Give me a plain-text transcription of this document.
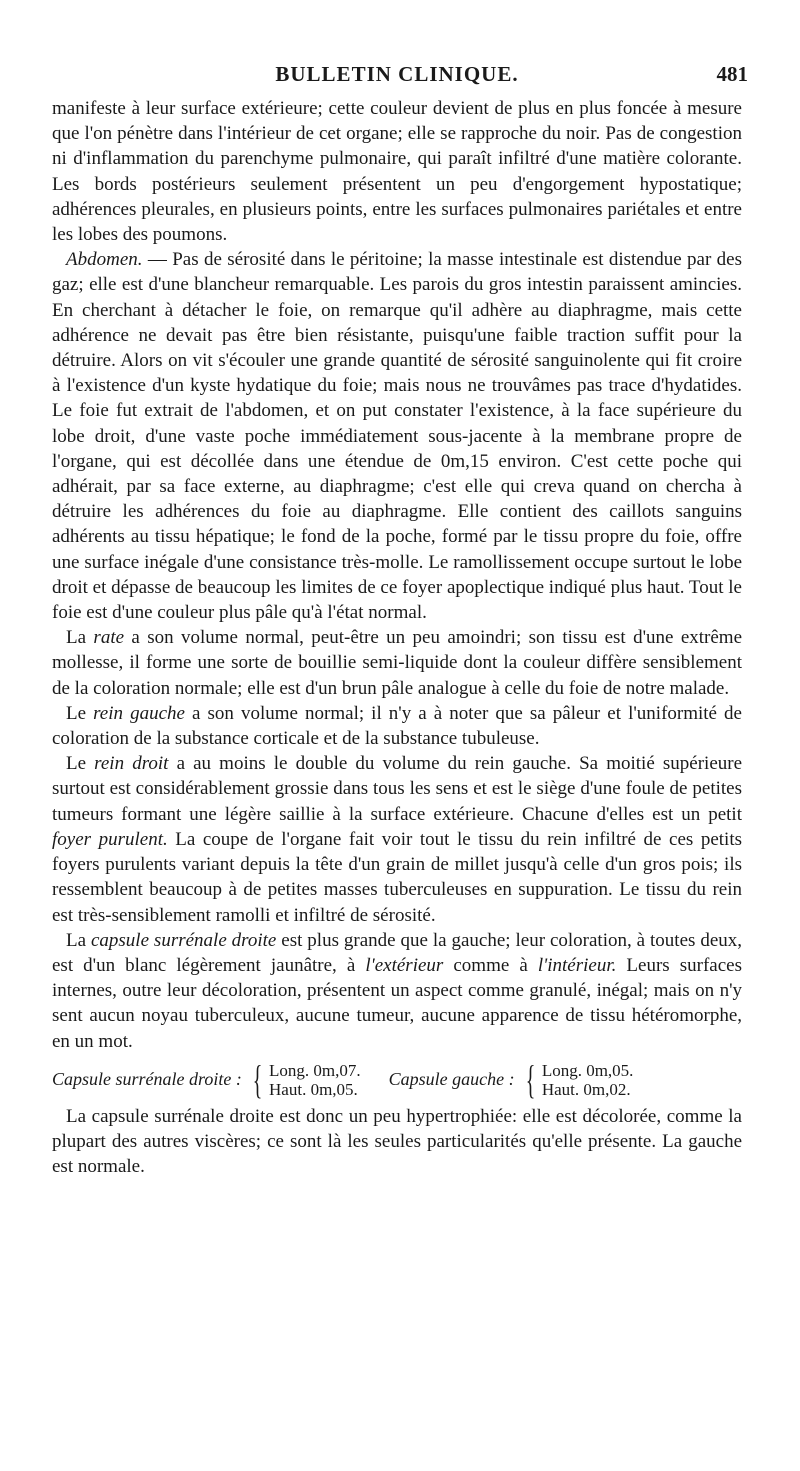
BULLETIN CLINIQUE.	481

manifeste à leur surface extérieure; cette couleur devient de plus en plus foncée à mesure que l'on pénètre dans l'intérieur de cet organe; elle se rapproche du noir. Pas de congestion ni d'inflammation du parenchyme pulmonaire, qui paraît infiltré d'une matière colorante. Les bords postérieurs seulement présentent un peu d'engorgement hypostatique; adhérences pleurales, en plusieurs points, entre les surfaces pulmonaires pariétales et entre les lobes des poumons.

Abdomen. — Pas de sérosité dans le péritoine; la masse intestinale est distendue par des gaz; elle est d'une blancheur remarquable. Les parois du gros intestin paraissent amincies. En cherchant à détacher le foie, on remarque qu'il adhère au diaphragme, mais cette adhérence ne devait pas être bien résistante, puisqu'une faible traction suffit pour la détruire. Alors on vit s'écouler une grande quantité de sérosité sanguinolente qui fit croire à l'existence d'un kyste hydatique du foie; mais nous ne trouvâmes pas trace d'hydatides. Le foie fut extrait de l'abdomen, et on put constater l'existence, à la face supérieure du lobe droit, d'une vaste poche immédiatement sous-jacente à la membrane propre de l'organe, qui est décollée dans une étendue de 0m,15 environ. C'est cette poche qui adhérait, par sa face externe, au diaphragme; c'est elle qui creva quand on chercha à détruire les adhérences du foie au diaphragme. Elle contient des caillots sanguins adhérents au tissu hépatique; le fond de la poche, formé par le tissu propre du foie, offre une surface inégale d'une consistance très-molle. Le ramollissement occupe surtout le lobe droit et dépasse de beaucoup les limites de ce foyer apoplectique indiqué plus haut. Tout le foie est d'une couleur plus pâle qu'à l'état normal.

La rate a son volume normal, peut-être un peu amoindri; son tissu est d'une extrême mollesse, il forme une sorte de bouillie semi-liquide dont la couleur diffère sensiblement de la coloration normale; elle est d'un brun pâle analogue à celle du foie de notre malade.

Le rein gauche a son volume normal; il n'y a à noter que sa pâleur et l'uniformité de coloration de la substance corticale et de la substance tubuleuse.

Le rein droit a au moins le double du volume du rein gauche. Sa moitié supérieure surtout est considérablement grossie dans tous les sens et est le siège d'une foule de petites tumeurs formant une légère saillie à la surface extérieure. Chacune d'elles est un petit foyer purulent. La coupe de l'organe fait voir tout le tissu du rein infiltré de ces petits foyers purulents variant depuis la tête d'un grain de millet jusqu'à celle d'un gros pois; ils ressemblent beaucoup à de petites masses tuberculeuses en suppuration. Le tissu du rein est très-sensiblement ramolli et infiltré de sérosité.

La capsule surrénale droite est plus grande que la gauche; leur coloration, à toutes deux, est d'un blanc légèrement jaunâtre, à l'extérieur comme à l'intérieur. Leurs surfaces internes, outre leur décoloration, présentent un aspect comme granulé, inégal; mais on n'y sent aucun noyau tuberculeux, aucune tumeur, aucune apparence de tissu hétéromorphe, en un mot.

Capsule surrénale droite : { Long. 0m,07.
Haut. 0m,05.
Capsule gauche : { Long. 0m,05.
Haut. 0m,02.

La capsule surrénale droite est donc un peu hypertrophiée: elle est décolorée, comme la plupart des autres viscères; ce sont là les seules particularités qu'elle présente. La gauche est normale.
